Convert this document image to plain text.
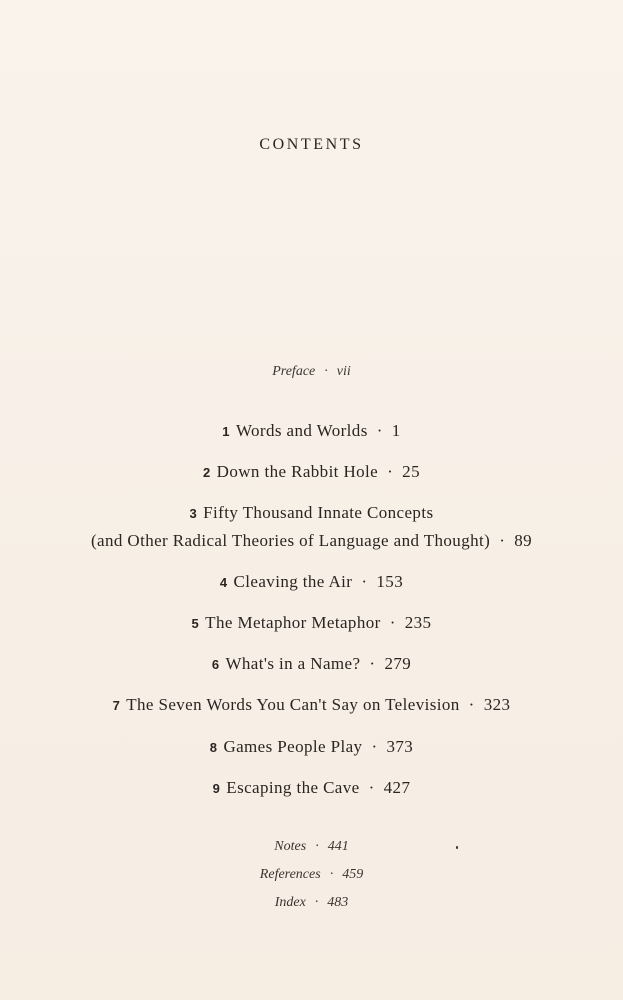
CONTENTS
Preface · vii
1 Words and Worlds · 1
2 Down the Rabbit Hole · 25
3 Fifty Thousand Innate Concepts
(and Other Radical Theories of Language and Thought) · 89
4 Cleaving the Air · 153
5 The Metaphor Metaphor · 235
6 What's in a Name? · 279
7 The Seven Words You Can't Say on Television · 323
8 Games People Play · 373
9 Escaping the Cave · 427
Notes · 441
References · 459
Index · 483
